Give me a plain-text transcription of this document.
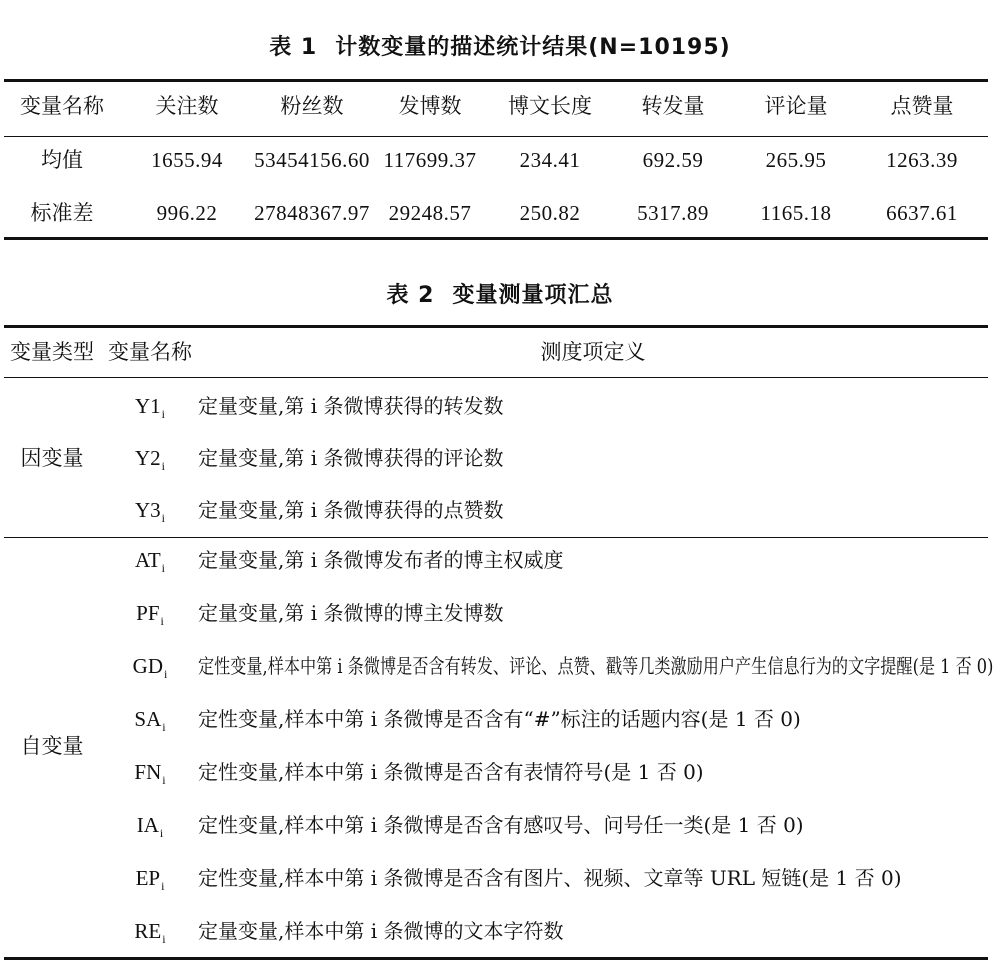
表 1 计数变量的描述统计结果(N=10195)
变量名称 关注数	粉丝数	发博数 博文长度 转发量	评论量	点赞量
均值	1655.94 53454156.60 117699.37 234.41	692.59	265.95	1263.39
标准差	996.22 27848367.97 29248.57 250.82	5317.89 1165.18	6637.61
表 2 变量测量项汇总
变量类型 变量名称	测度项定义
因变量
$Y1_i$	定量变量,第 i 条微博获得的转发数
$Y2_i$	定量变量,第 i 条微博获得的评论数
$Y3_i$	定量变量,第 i 条微博获得的点赞数
自变量
$AT_i$	定量变量,第 i 条微博发布者的博主权威度
$PF_i$	定量变量,第 i 条微博的博主发博数
$GD_i$	定性变量,样本中第 i 条微博是否含有转发、评论、点赞、戳等几类激励用户产生信息行为的文字提醒(是 1 否 0)
$SA_i$	定性变量,样本中第 i 条微博是否含有“#”标注的话题内容(是 1 否 0)
$FN_i$	定性变量,样本中第 i 条微博是否含有表情符号(是 1 否 0)
$IA_i$	定性变量,样本中第 i 条微博是否含有感叹号、问号任一类(是 1 否 0)
$EP_i$	定性变量,样本中第 i 条微博是否含有图片、视频、文章等 URL 短链(是 1 否 0)
$RE_i$	定量变量,样本中第 i 条微博的文本字符数
